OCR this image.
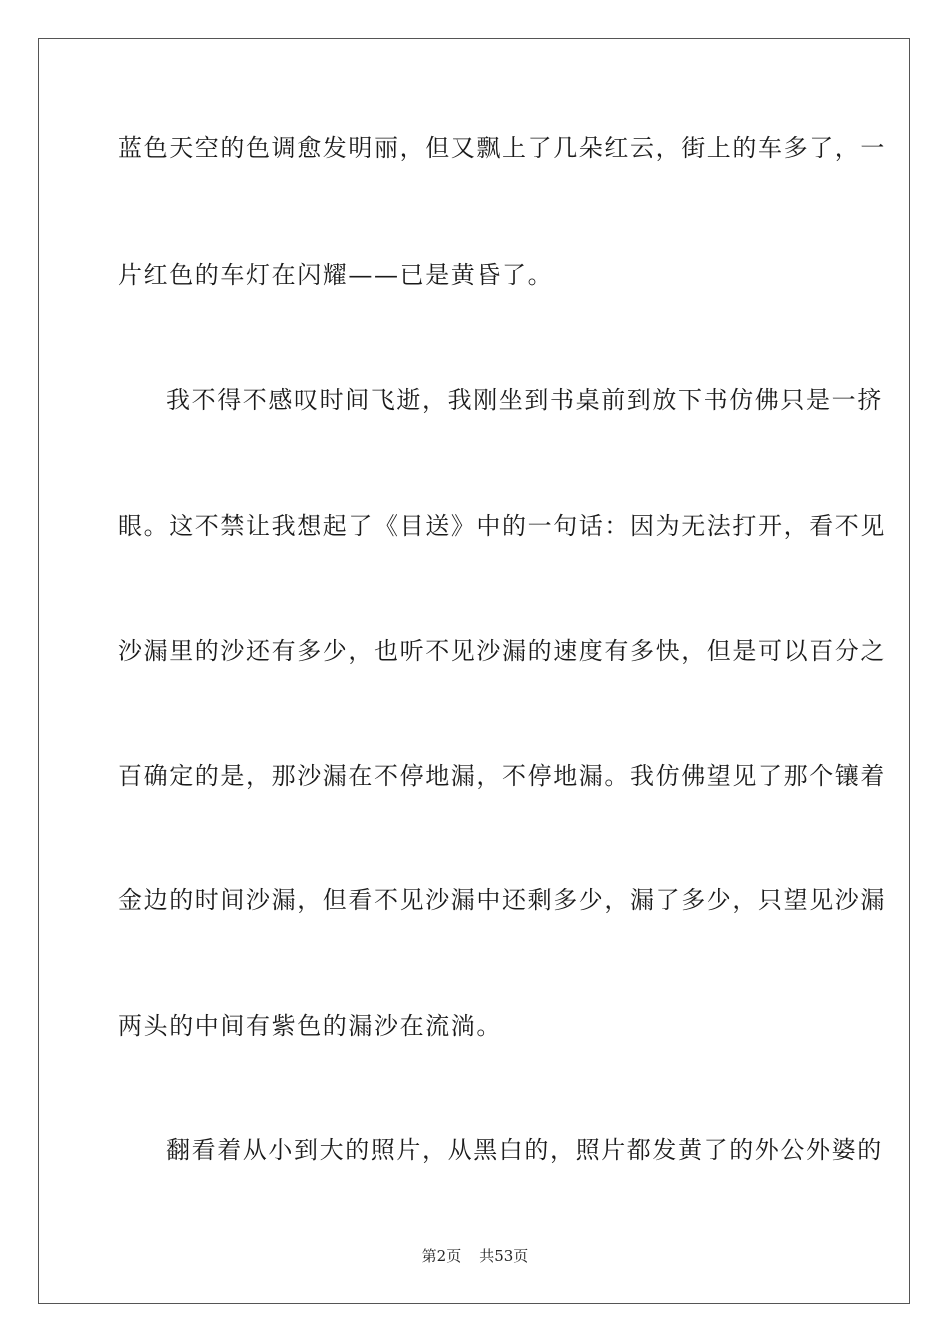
蓝色天空的色调愈发明丽，但又飘上了几朵红云，街上的车多了，一
片红色的车灯在闪耀——已是黄昏了。
我不得不感叹时间飞逝，我刚坐到书桌前到放下书仿佛只是一挤
眼。这不禁让我想起了《目送》中的一句话：因为无法打开，看不见
沙漏里的沙还有多少，也听不见沙漏的速度有多快，但是可以百分之
百确定的是，那沙漏在不停地漏，不停地漏。我仿佛望见了那个镶着
金边的时间沙漏，但看不见沙漏中还剩多少，漏了多少，只望见沙漏
两头的中间有紫色的漏沙在流淌。
翻看着从小到大的照片，从黑白的，照片都发黄了的外公外婆的
第2页 共53页
